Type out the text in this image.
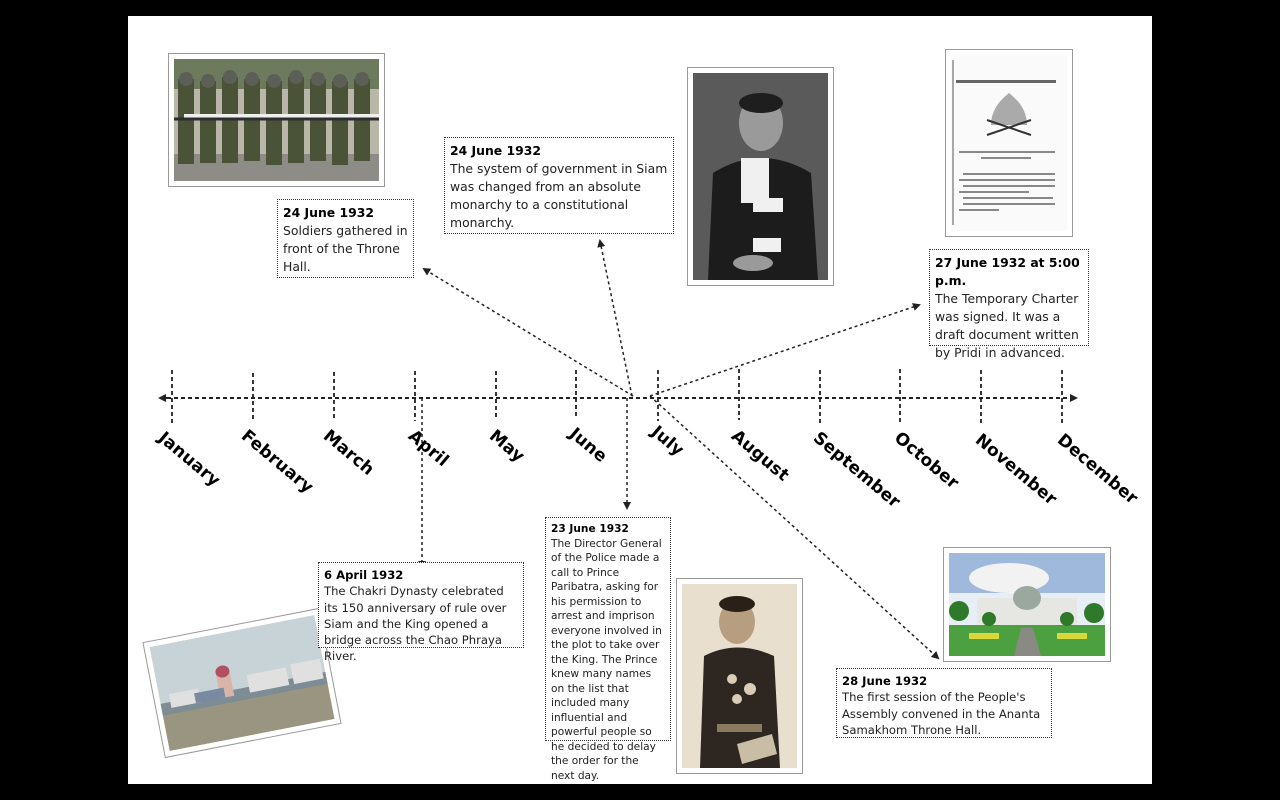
24 June 1932
Soldiers gathered in front of the Throne Hall.
24 June 1932
The system of government in Siam was changed from an absolute monarchy to a constitutional monarchy.
27 June 1932 at 5:00 p.m.
The Temporary Charter was signed. It was a draft document written by Pridi in advanced.
23 June 1932
The Director General of the Police made a call to Prince Paribatra, asking for his permission to arrest and imprison everyone involved in the plot to take over the King. The Prince knew many names on the list that included many influential and powerful people so he decided to delay the order for the next day.
6 April 1932
The Chakri Dynasty celebrated its 150 anniversary of rule over Siam and the King opened a bridge across the Chao Phraya River.
28 June 1932
The first session of the People's Assembly convened in the Ananta Samakhom Throne Hall.
January February March April May June July August September
October November
December
